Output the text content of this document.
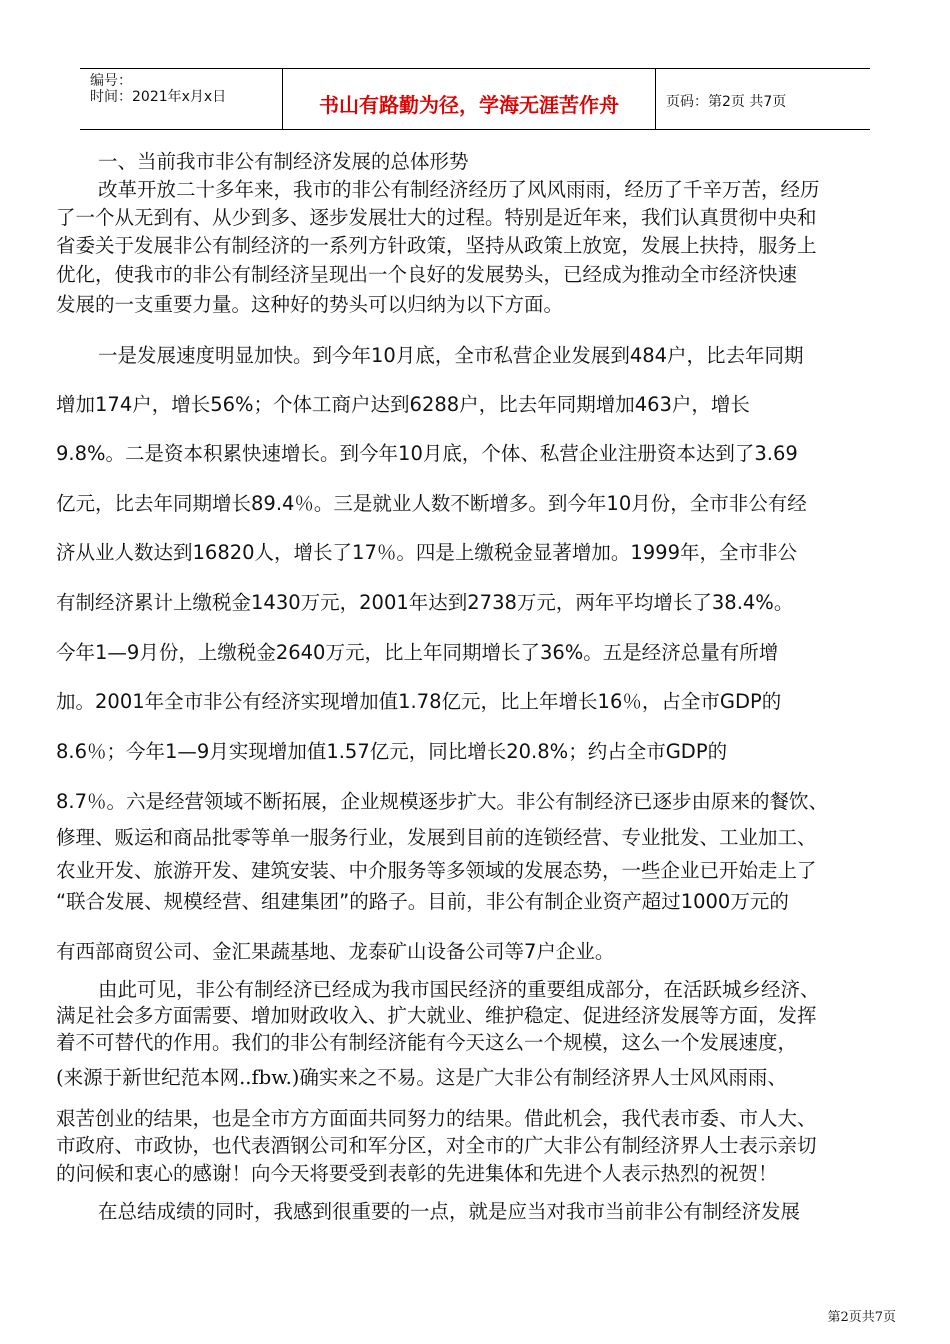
编号：
时间：2021年x月x日	书山有路勤为径，学海无涯苦作舟	页码：第2页 共7页
一、当前我市非公有制经济发展的总体形势
改革开放二十多年来，我市的非公有制经济经历了风风雨雨，经历了千辛万苦，经历
了一个从无到有、从少到多、逐步发展壮大的过程。特别是近年来，我们认真贯彻中央和
省委关于发展非公有制经济的一系列方针政策，坚持从政策上放宽，发展上扶持，服务上
优化，使我市的非公有制经济呈现出一个良好的发展势头，已经成为推动全市经济快速
发展的一支重要力量。这种好的势头可以归纳为以下方面。
一是发展速度明显加快。到今年10月底，全市私营企业发展到484户，比去年同期
增加174户，增长56%；个体工商户达到6288户，比去年同期增加463户，增长
9.8%。二是资本积累快速增长。到今年10月底，个体、私营企业注册资本达到了3.69
亿元，比去年同期增长89.4％。三是就业人数不断增多。到今年10月份，全市非公有经
济从业人数达到16820人，增长了17％。四是上缴税金显著增加。1999年，全市非公
有制经济累计上缴税金1430万元，2001年达到2738万元，两年平均增长了38.4%。
今年1—9月份，上缴税金2640万元，比上年同期增长了36%。五是经济总量有所增
加。2001年全市非公有经济实现增加值1.78亿元，比上年增长16％，占全市GDP的
8.6％；今年1—9月实现增加值1.57亿元，同比增长20.8%；约占全市GDP的
8.7％。六是经营领域不断拓展，企业规模逐步扩大。非公有制经济已逐步由原来的餐饮、
修理、贩运和商品批零等单一服务行业，发展到目前的连锁经营、专业批发、工业加工、
农业开发、旅游开发、建筑安装、中介服务等多领域的发展态势，一些企业已开始走上了
“联合发展、规模经营、组建集团”的路子。目前，非公有制企业资产超过1000万元的
有西部商贸公司、金汇果蔬基地、龙泰矿山设备公司等7户企业。
由此可见，非公有制经济已经成为我市国民经济的重要组成部分，在活跃城乡经济、
满足社会多方面需要、增加财政收入、扩大就业、维护稳定、促进经济发展等方面，发挥
着不可替代的作用。我们的非公有制经济能有今天这么一个规模，这么一个发展速度，
(来源于新世纪范本网..fbw.)确实来之不易。这是广大非公有制经济界人士风风雨雨、
艰苦创业的结果，也是全市方方面面共同努力的结果。借此机会，我代表市委、市人大、
市政府、市政协，也代表酒钢公司和军分区，对全市的广大非公有制经济界人士表示亲切
的问候和衷心的感谢！向今天将要受到表彰的先进集体和先进个人表示热烈的祝贺！
在总结成绩的同时，我感到很重要的一点，就是应当对我市当前非公有制经济发展
第2页共7页
